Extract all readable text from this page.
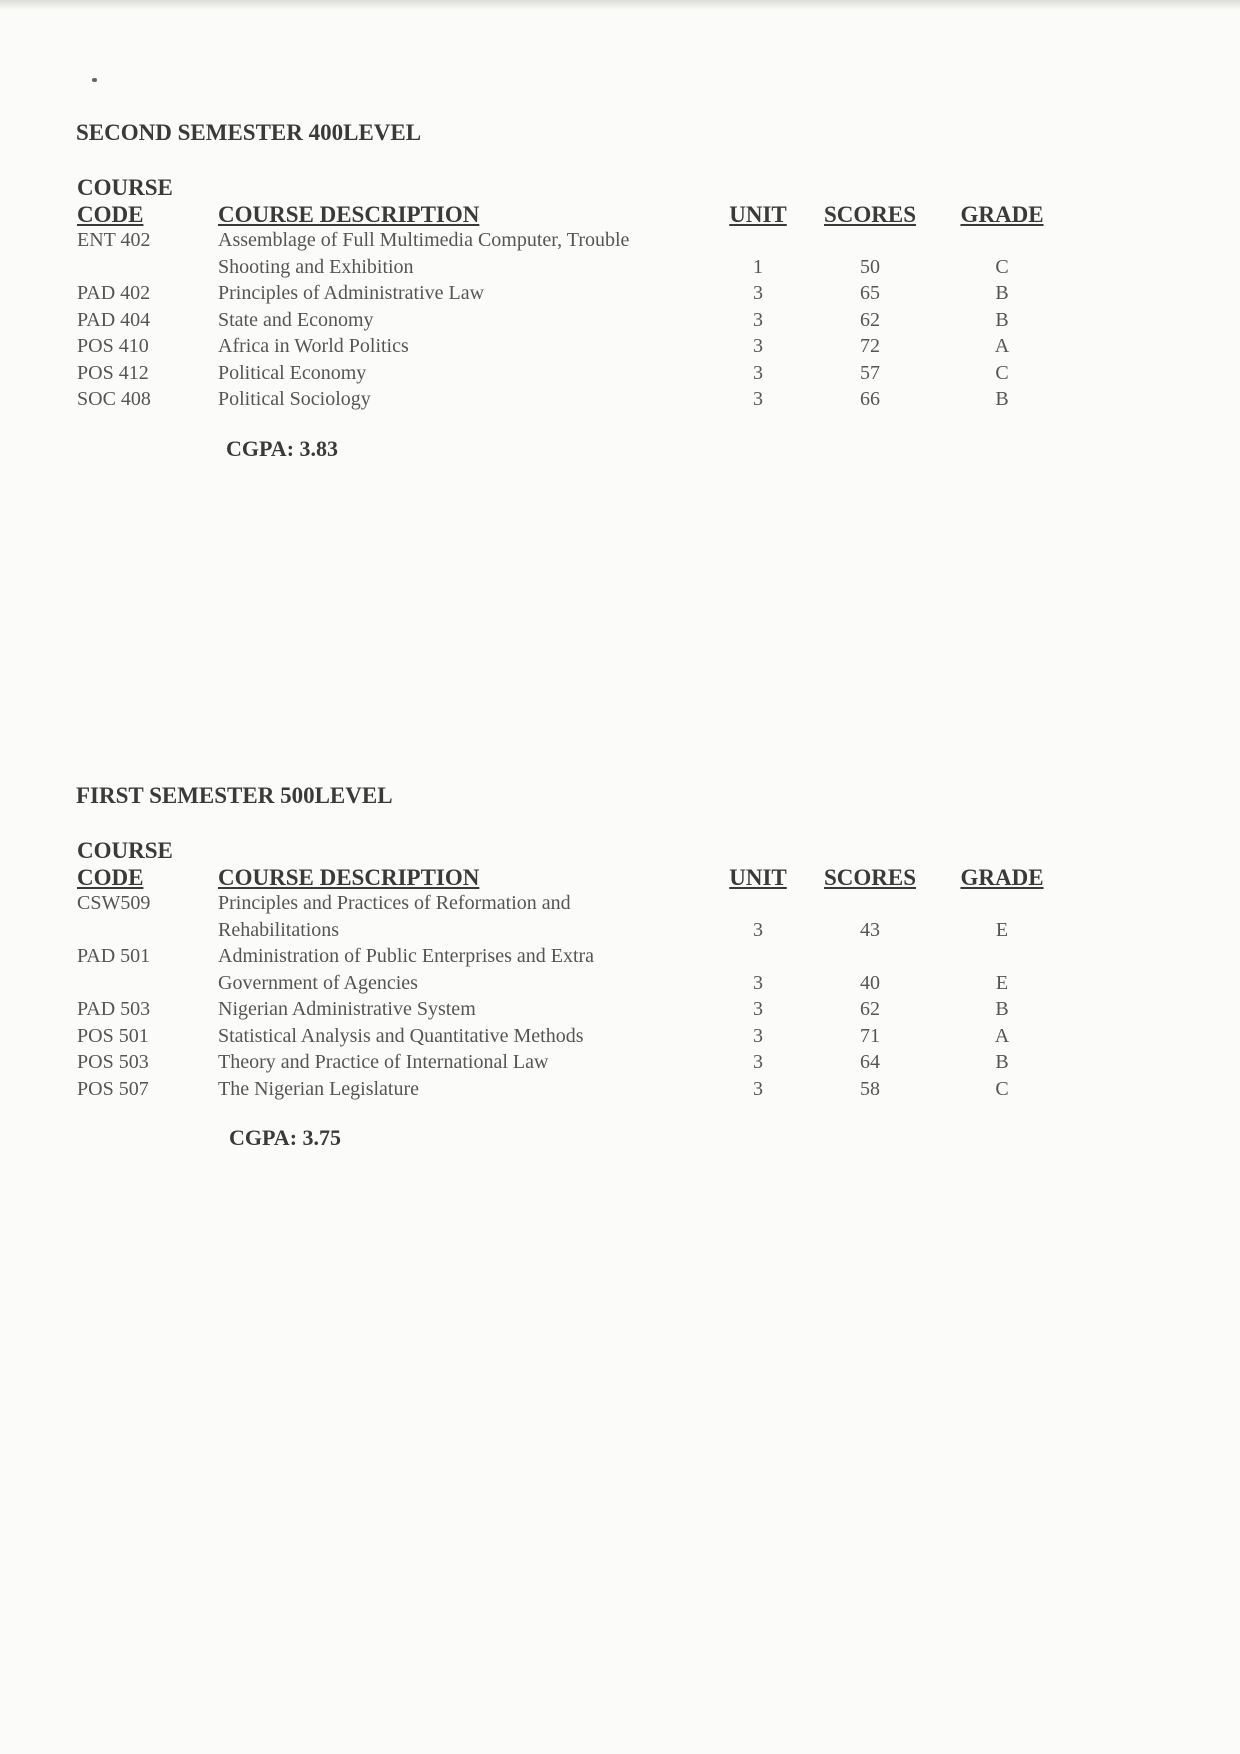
SECOND SEMESTER 400LEVEL
COURSE
CODE	COURSE DESCRIPTION	UNIT SCORES GRADE
ENT 402	Assemblage of Full Multimedia Computer, Trouble
Shooting and Exhibition	1	50	C
PAD 402	Principles of Administrative Law	3	65	B
PAD 404	State and Economy	3	62	B
POS 410	Africa in World Politics	3	72	A
POS 412	Political Economy	3	57	C
SOC 408	Political Sociology	3	66	B
CGPA: 3.83
FIRST SEMESTER 500LEVEL
COURSE
CODE	COURSE DESCRIPTION	UNIT SCORES GRADE
CSW509	Principles and Practices of Reformation and
Rehabilitations	3	43	E
PAD 501	Administration of Public Enterprises and Extra
Government of Agencies	3	40	E
PAD 503	Nigerian Administrative System	3	62	B
POS 501	Statistical Analysis and Quantitative Methods	3	71	A
POS 503	Theory and Practice of International Law	3	64	B
POS 507	The Nigerian Legislature	3	58	C
CGPA: 3.75
